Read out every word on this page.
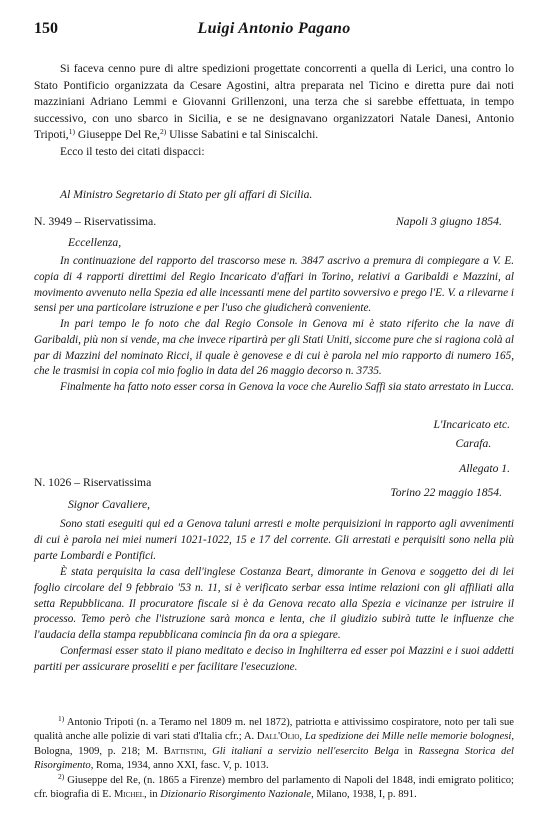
150	Luigi Antonio Pagano

Si faceva cenno pure di altre spedizioni progettate concorrenti a quella di Lerici, una contro lo Stato Pontificio organizzata da Cesare Agostini, altra preparata nel Ticino e diretta pure dai noti mazziniani Adriano Lemmi e Giovanni Grillenzoni, una terza che si sarebbe effettuata, in tempo successivo, con uno sbarco in Sicilia, e se ne designavano organizzatori Natale Danesi, Antonio Tripoti,$^{1)}$ Giuseppe Del Re,$^{2)}$ Ulisse Sabatini e tal Siniscalchi.

Ecco il testo dei citati dispacci:

Al Ministro Segretario di Stato per gli affari di Sicilia.
N. 3949 – Riservatissima.	Napoli 3 giugno 1854.
Eccellenza,

In continuazione del rapporto del trascorso mese n. 3847 ascrivo a premura di compiegare a V. E. copia di 4 rapporti direttimi del Regio Incaricato d'affari in Torino, relativi a Garibaldi e Mazzini, al movimento avvenuto nella Spezia ed alle incessanti mene del partito sovversivo e prego l'E. V. a rilevarne i sensi per una particolare istruzione e per l'uso che giudicherà conveniente.

In pari tempo le fo noto che dal Regio Console in Genova mi è stato riferito che la nave di Garibaldi, più non si vende, ma che invece ripartirà per gli Stati Uniti, siccome pure che si ragiona colà al par di Mazzini del nominato Ricci, il quale è genovese e di cui è parola nel mio rapporto di numero 165, che le trasmisi in copia col mio foglio in data del 26 maggio decorso n. 3735.

Finalmente ha fatto noto esser corsa in Genova la voce che Aurelio Saffi sia stato arrestato in Lucca.

L'Incaricato etc.
Carafa.
Allegato 1.
N. 1026 – Riservatissima
Torino 22 maggio 1854.
Signor Cavaliere,

Sono stati eseguiti qui ed a Genova taluni arresti e molte perquisizioni in rapporto agli avvenimenti di cui è parola nei miei numeri 1021-1022, 15 e 17 del corrente. Gli arrestati e perquisiti sono nella più parte Lombardi e Pontifici.

È stata perquisita la casa dell'inglese Costanza Beart, dimorante in Genova e soggetto dei di lei foglio circolare del 9 febbraio '53 n. 11, si è verificato serbar essa intime relazioni con gli affiliati alla setta Repubblicana. Il procuratore fiscale si è da Genova recato alla Spezia e vicinanze per istruire il processo. Temo però che l'istruzione sarà monca e lenta, che il giudizio subirà tutte le influenze che l'audacia della stampa repubblicana comincia fin da ora a spiegare.

Confermasi esser stato il piano meditato e deciso in Inghilterra ed esser poi Mazzini e i suoi addetti partiti per assicurare proseliti e per facilitare l'esecuzione.

$^{1)}$ Antonio Tripoti (n. a Teramo nel 1809 m. nel 1872), patriotta e attivissimo cospiratore, noto per tali sue qualità anche alle polizie di vari stati d'Italia cfr.; A. Dall'Olio, La spedizione dei Mille nelle memorie bolognesi, Bologna, 1909, p. 218; M. Battistini, Gli italiani a servizio nell'esercito Belga in Rassegna Storica del Risorgimento, Roma, 1934, anno XXI, fasc. V, p. 1013.

$^{2)}$ Giuseppe del Re, (n. 1865 a Firenze) membro del parlamento di Napoli del 1848, indi emigrato politico; cfr. biografia di E. Michel, in Dizionario Risorgimento Nazionale, Milano, 1938, I, p. 891.
